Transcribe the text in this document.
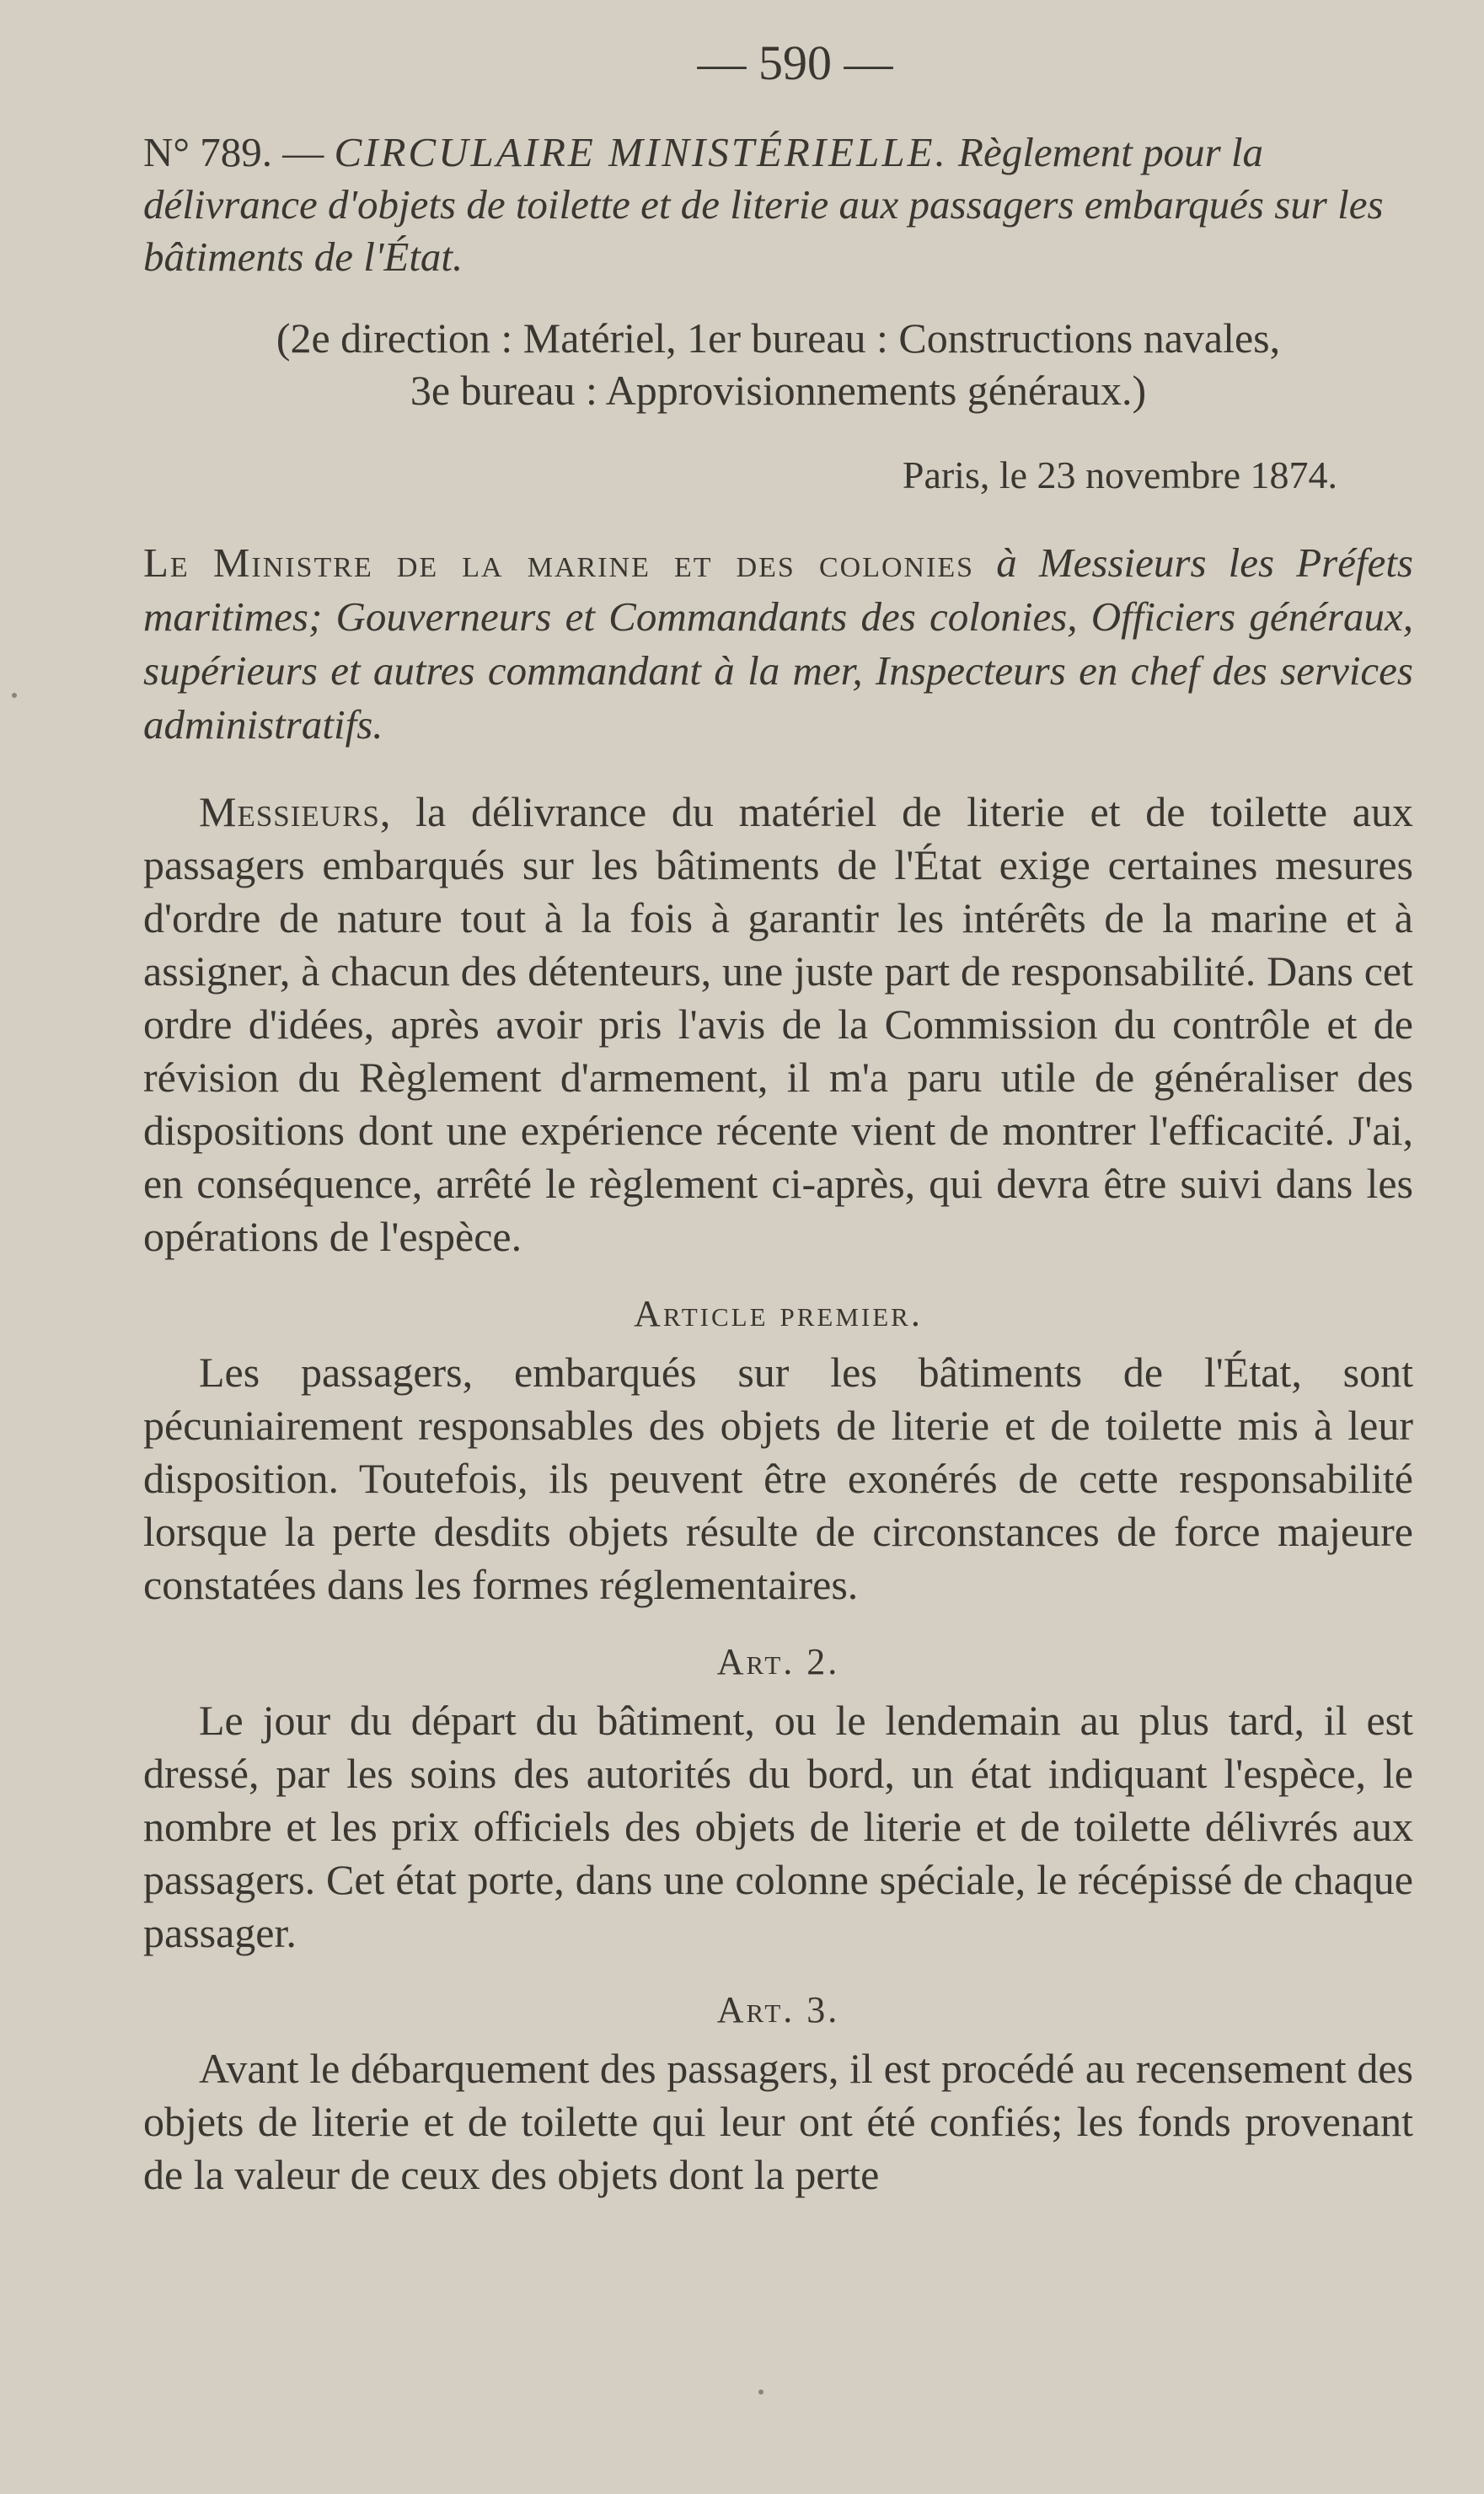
— 590 —

N° 789. — CIRCULAIRE MINISTÉRIELLE. Règlement pour la délivrance d'objets de toilette et de literie aux passagers embarqués sur les bâtiments de l'État.

(2e direction : Matériel, 1er bureau : Constructions navales,
3e bureau : Approvisionnements généraux.)
Paris, le 23 novembre 1874.

Le Ministre de la marine et des colonies à Messieurs les Préfets maritimes; Gouverneurs et Commandants des colonies, Officiers généraux, supérieurs et autres commandant à la mer, Inspecteurs en chef des services administratifs.

Messieurs, la délivrance du matériel de literie et de toilette aux passagers embarqués sur les bâtiments de l'État exige certaines mesures d'ordre de nature tout à la fois à garantir les intérêts de la marine et à assigner, à chacun des détenteurs, une juste part de responsabilité. Dans cet ordre d'idées, après avoir pris l'avis de la Commission du contrôle et de révision du Règlement d'armement, il m'a paru utile de généraliser des dispositions dont une expérience récente vient de montrer l'efficacité. J'ai, en conséquence, arrêté le règlement ci-après, qui devra être suivi dans les opérations de l'espèce.

Article premier.

Les passagers, embarqués sur les bâtiments de l'État, sont pécuniairement responsables des objets de literie et de toilette mis à leur disposition. Toutefois, ils peuvent être exonérés de cette responsabilité lorsque la perte desdits objets résulte de circonstances de force majeure constatées dans les formes réglementaires.

Art. 2.

Le jour du départ du bâtiment, ou le lendemain au plus tard, il est dressé, par les soins des autorités du bord, un état indiquant l'espèce, le nombre et les prix officiels des objets de literie et de toilette délivrés aux passagers. Cet état porte, dans une colonne spéciale, le récépissé de chaque passager.

Art. 3.

Avant le débarquement des passagers, il est procédé au recensement des objets de literie et de toilette qui leur ont été confiés; les fonds provenant de la valeur de ceux des objets dont la perte
